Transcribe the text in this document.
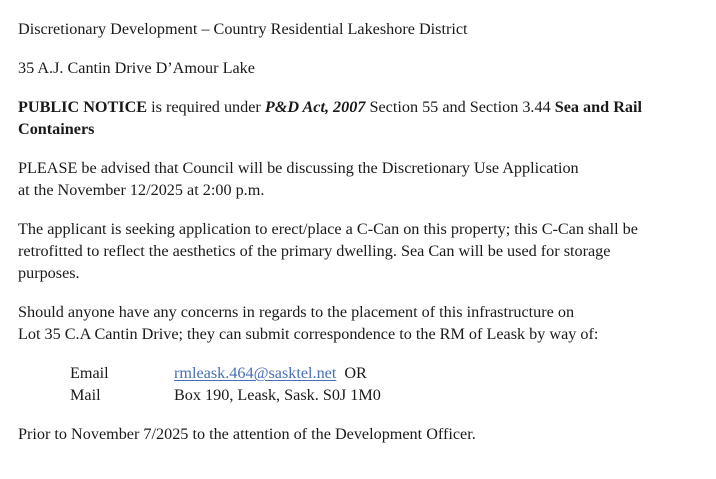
Discretionary Development – Country Residential Lakeshore District

35 A.J. Cantin Drive D’Amour Lake

PUBLIC NOTICE is required under P&D Act, 2007 Section 55 and Section 3.44 Sea and Rail
Containers

PLEASE be advised that Council will be discussing the Discretionary Use Application
at the November 12/2025 at 2:00 p.m.

The applicant is seeking application to erect/place a C-Can on this property; this C-Can shall be
retrofitted to reflect the aesthetics of the primary dwelling. Sea Can will be used for storage
purposes.

Should anyone have any concerns in regards to the placement of this infrastructure on
Lot 35 C.A Cantin Drive; they can submit correspondence to the RM of Leask by way of:

Email	rmleask.464@sasktel.net OR
Mail	Box 190, Leask, Sask. S0J 1M0

Prior to November 7/2025 to the attention of the Development Officer.
